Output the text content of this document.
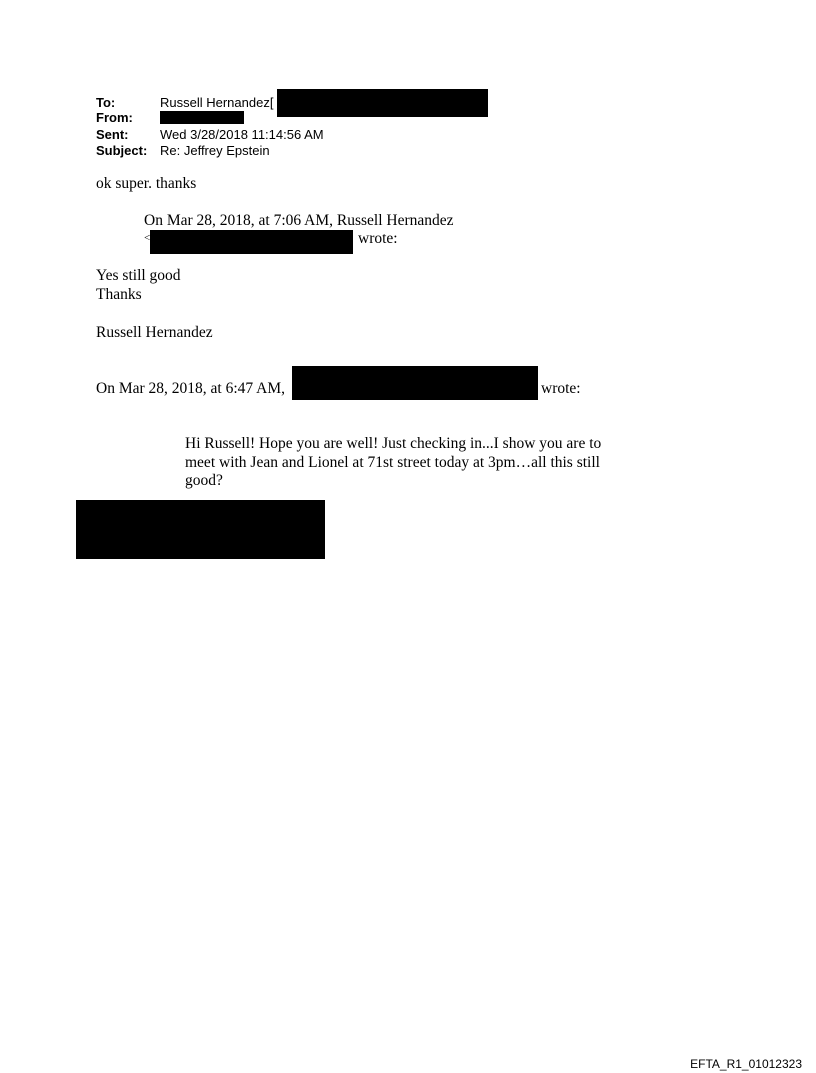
To:	Russell Hernandez[
From:
Sent: Wed 3/28/2018 11:14:56 AM
Subject: Re: Jeffrey Epstein
ok super. thanks
On Mar 28, 2018, at 7:06 AM, Russell Hernandez
<	wrote:
Yes still good
Thanks
Russell Hernandez
On Mar 28, 2018, at 6:47 AM,	wrote:
Hi Russell! Hope you are well! Just checking in...I show you are to
meet with Jean and Lionel at 71st street today at 3pm…all this still
good?
EFTA_R1_01012323
